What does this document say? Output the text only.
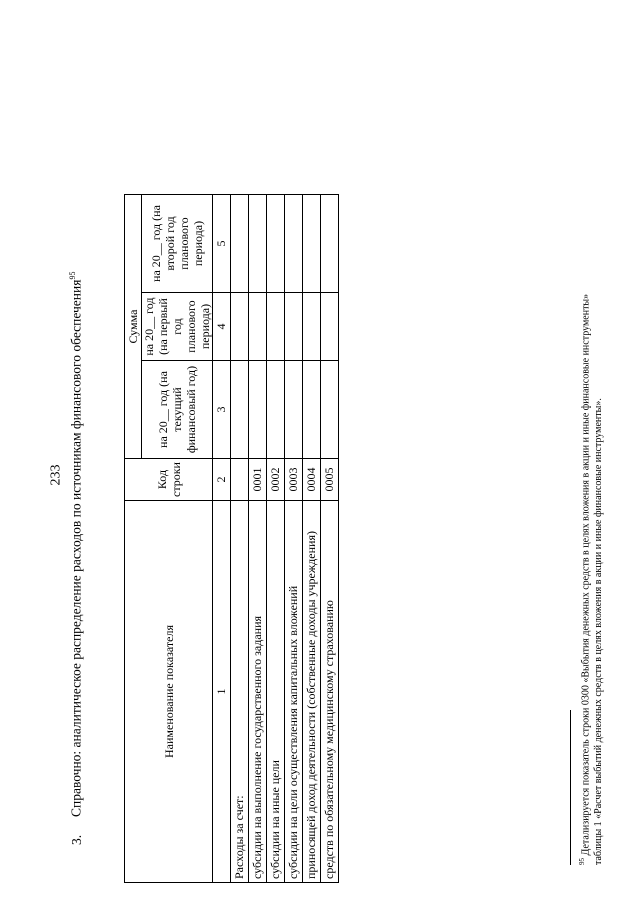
233
3.Справочно: аналитическое распределение расходов по источникам финансового обеспечения$^{95}$
Наименование показателя	Код строки	Сумма		
		на 20__ год (на текущий финансовый год)	на 20__ год (на первый год планового периода)	на 20__ год (на второй год планового периода)
1	2	3	4	5
Расходы за счет:				
субсидии на выполнение государственного задания	0001			
субсидии на иные цели	0002			
субсидии на цели осуществления капитальных вложений	0003			
приносящей доход деятельности (собственные доходы учреждения)	0004			
средств по обязательному медицинскому страхованию	0005			
$^{95}$ Детализируется показатель строки 0300 «Выбытия денежных средств в целях вложения в акции и иные финансовые инструменты» таблицы 1 «Расчет выбытий денежных средств в целях вложения в акции и иные финансовые инструменты».
